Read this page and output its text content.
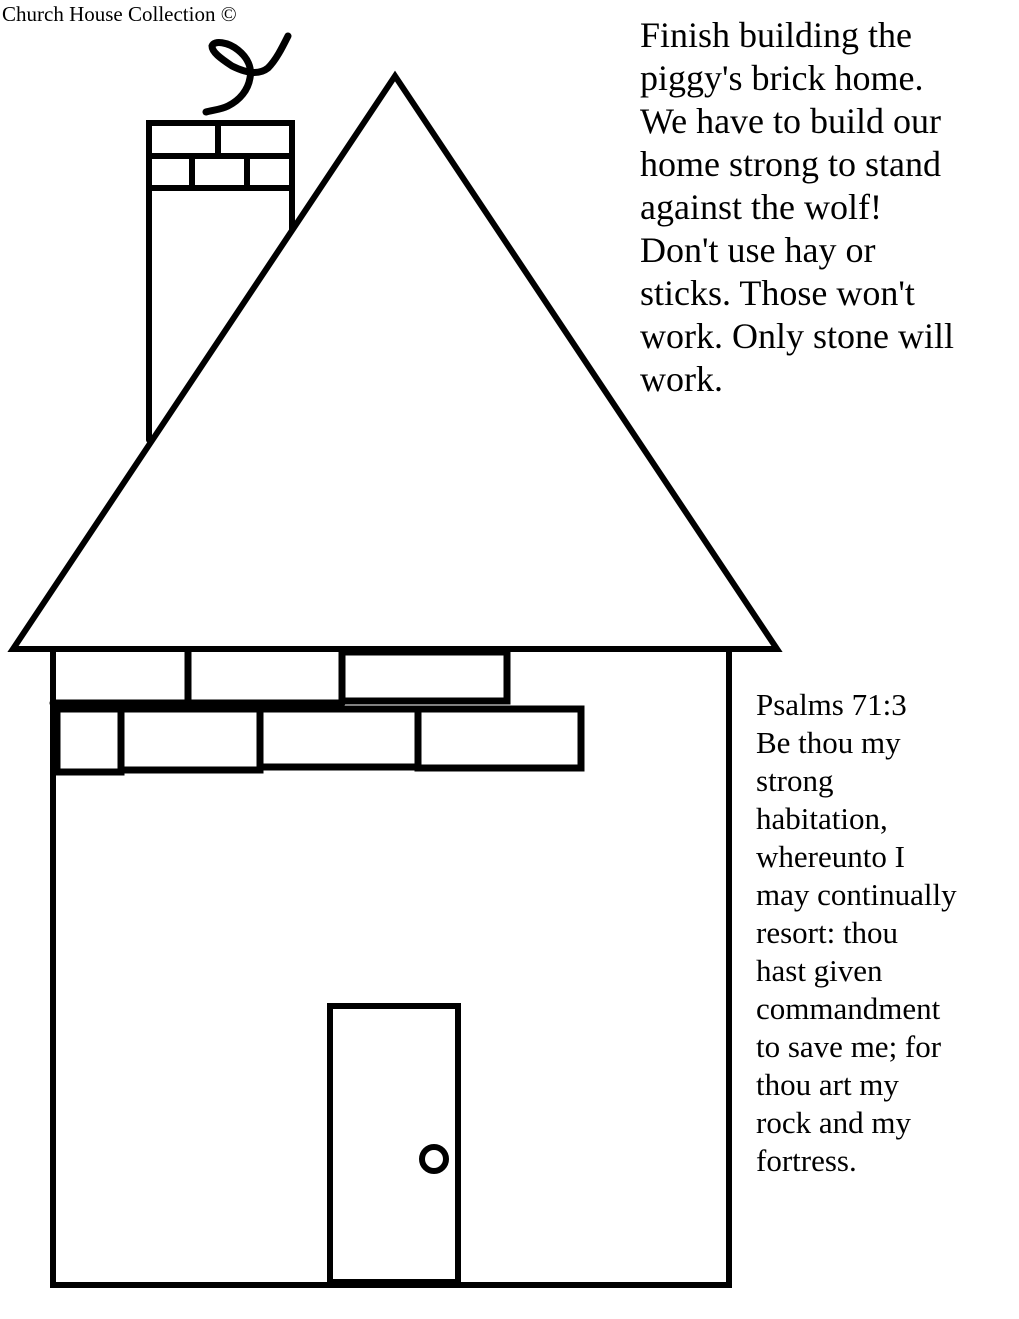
Church House Collection ©
Finish building the
piggy's brick home.
We have to build our
home strong to stand
against the wolf!
Don't use hay or
sticks. Those won't
work. Only stone will
work.
Psalms 71:3
Be thou my
strong
habitation,
whereunto I
may continually
resort: thou
hast given
commandment
to save me; for
thou art my
rock and my
fortress.
